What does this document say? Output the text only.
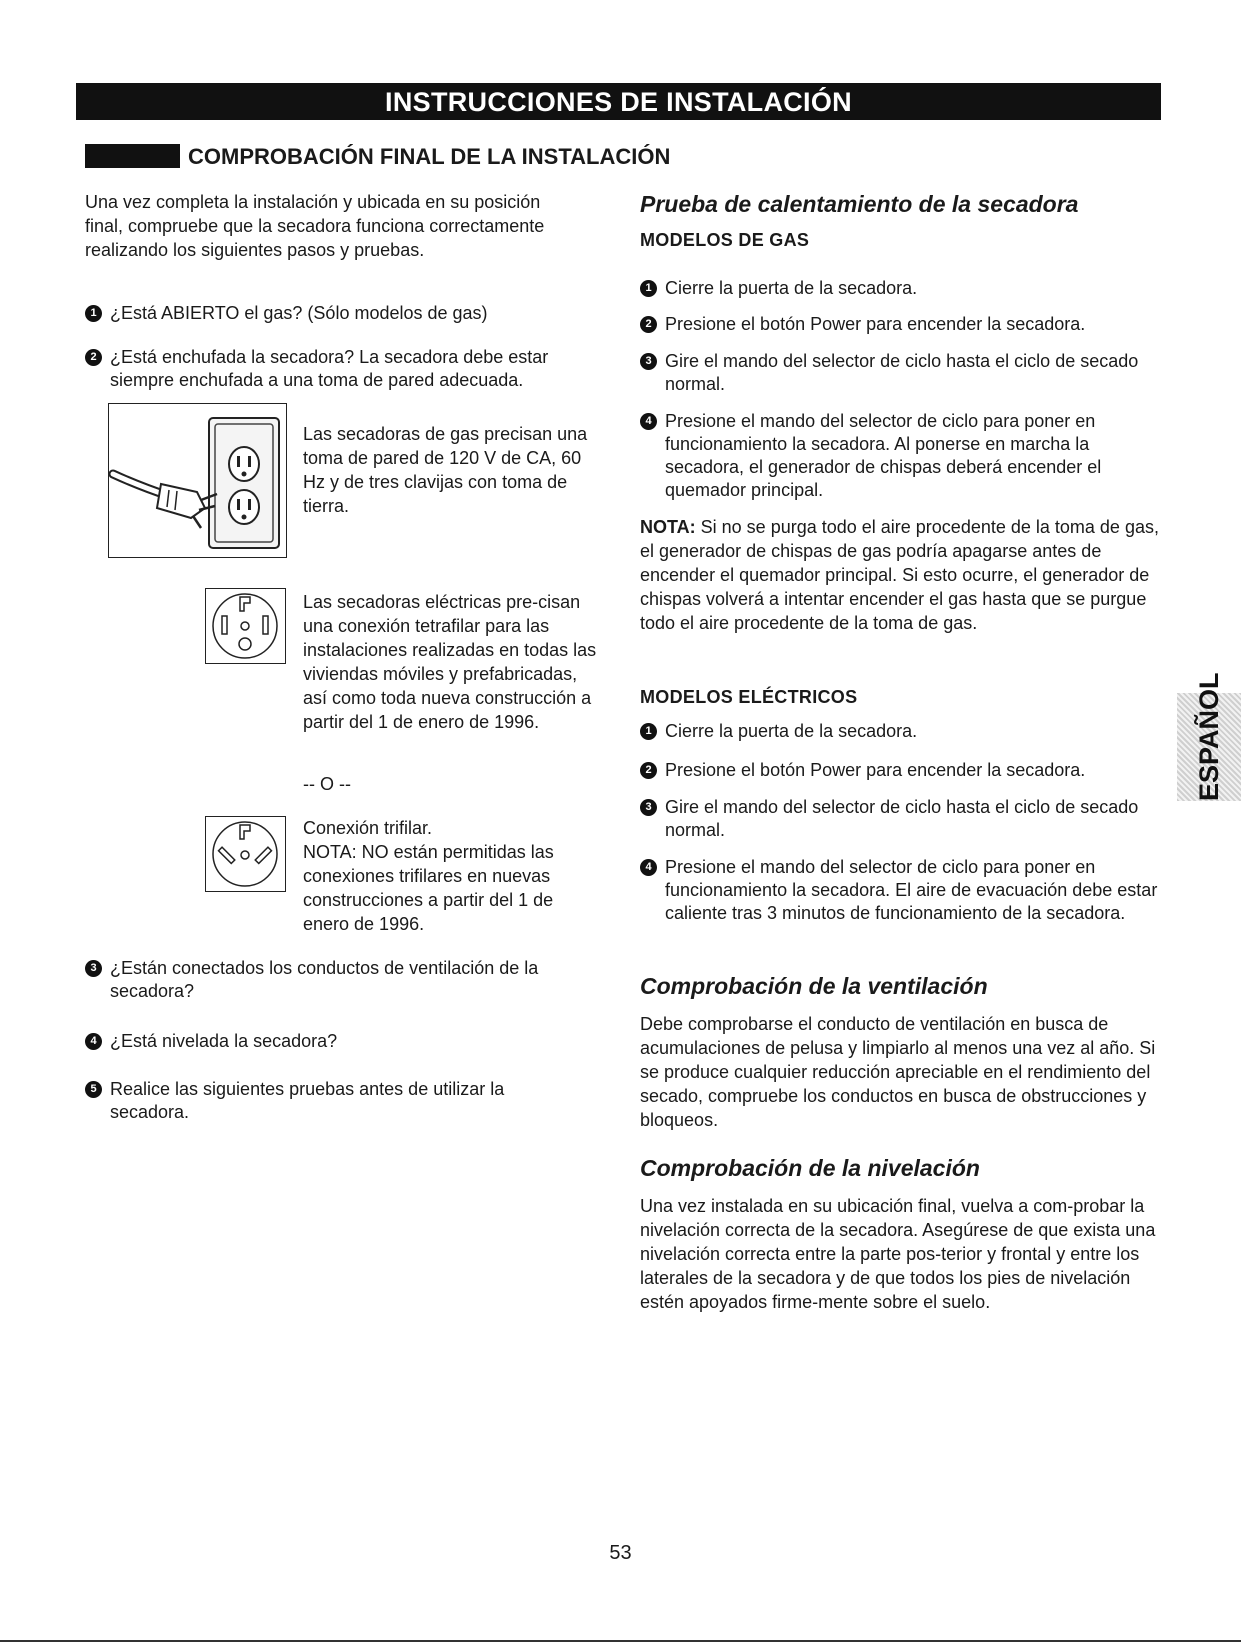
INSTRUCCIONES DE INSTALACIÓN
COMPROBACIÓN FINAL DE LA INSTALACIÓN

Una vez completa la instalación y ubicada en su posición final, compruebe que la secadora funciona correctamente realizando los siguientes pasos y pruebas.

1 ¿Está ABIERTO el gas? (Sólo modelos de gas)
2 ¿Está enchufada la secadora? La secadora debe estar siempre enchufada a una toma de pared adecuada.

Las secadoras de gas precisan una toma de pared de 120 V de CA, 60 Hz y de tres clavijas con toma de tierra.

Las secadoras eléctricas pre-cisan una conexión tetrafilar para las instalaciones realizadas en todas las viviendas móviles y prefabricadas, así como toda nueva construcción a partir del 1 de enero de 1996.

-- O --
Conexión trifilar.

NOTA: NO están permitidas las conexiones trifilares en nuevas construcciones a partir del 1 de enero de 1996.

3 ¿Están conectados los conductos de ventilación de la secadora?
4 ¿Está nivelada la secadora?
5 Realice las siguientes pruebas antes de utilizar la secadora.
Prueba de calentamiento de la secadora
MODELOS DE GAS
1 Cierre la puerta de la secadora.
2 Presione el botón Power para encender la secadora.
3 Gire el mando del selector de ciclo hasta el ciclo de secado normal.
4 Presione el mando del selector de ciclo para poner en funcionamiento la secadora. Al ponerse en marcha la secadora, el generador de chispas deberá encender el quemador principal.

NOTA: Si no se purga todo el aire procedente de la toma de gas, el generador de chispas de gas podría apagarse antes de encender el quemador principal. Si esto ocurre, el generador de chispas volverá a intentar encender el gas hasta que se purgue todo el aire procedente de la toma de gas.

MODELOS ELÉCTRICOS
1 Cierre la puerta de la secadora.
2 Presione el botón Power para encender la secadora.
3 Gire el mando del selector de ciclo hasta el ciclo de secado normal.
4 Presione el mando del selector de ciclo para poner en funcionamiento la secadora. El aire de evacuación debe estar caliente tras 3 minutos de funcionamiento de la secadora.
Comprobación de la ventilación

Debe comprobarse el conducto de ventilación en busca de acumulaciones de pelusa y limpiarlo al menos una vez al año. Si se produce cualquier reducción apreciable en el rendimiento del secado, compruebe los conductos en busca de obstrucciones y bloqueos.

Comprobación de la nivelación

Una vez instalada en su ubicación final, vuelva a com-probar la nivelación correcta de la secadora. Asegúrese de que exista una nivelación correcta entre la parte pos-terior y frontal y entre los laterales de la secadora y de que todos los pies de nivelación estén apoyados firme-mente sobre el suelo.

ESPAÑOL
53
